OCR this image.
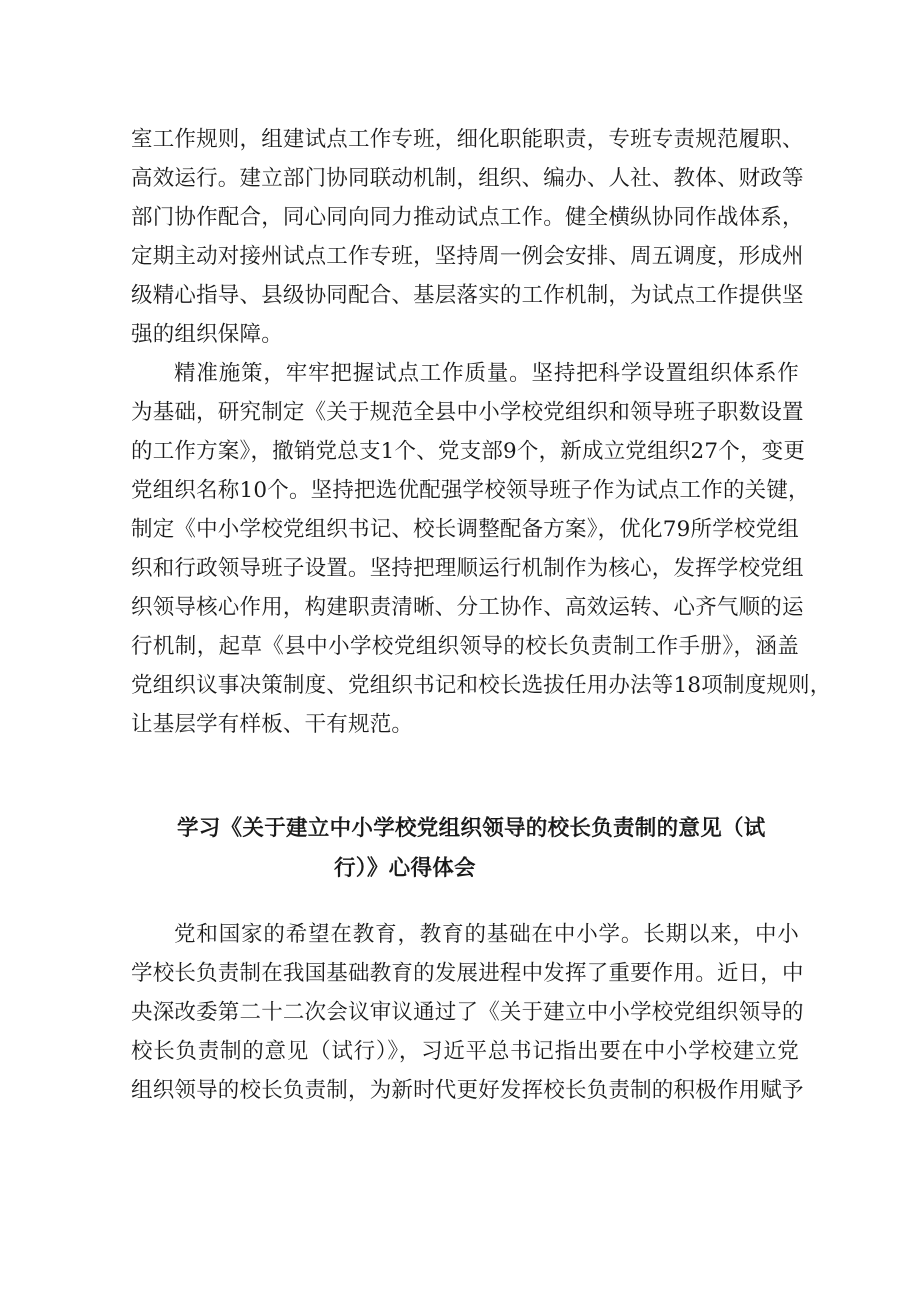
室工作规则，组建试点工作专班，细化职能职责，专班专责规范履职、
高效运行。建立部门协同联动机制，组织、编办、人社、教体、财政等
部门协作配合，同心同向同力推动试点工作。健全横纵协同作战体系，
定期主动对接州试点工作专班，坚持周一例会安排、周五调度，形成州
级精心指导、县级协同配合、基层落实的工作机制，为试点工作提供坚
强的组织保障。
精准施策，牢牢把握试点工作质量。坚持把科学设置组织体系作
为基础，研究制定《关于规范全县中小学校党组织和领导班子职数设置
的工作方案》，撤销党总支1个、党支部9个，新成立党组织27个，变更
党组织名称10个。坚持把选优配强学校领导班子作为试点工作的关键，
制定《中小学校党组织书记、校长调整配备方案》，优化79所学校党组
织和行政领导班子设置。坚持把理顺运行机制作为核心，发挥学校党组
织领导核心作用，构建职责清晰、分工协作、高效运转、心齐气顺的运
行机制，起草《县中小学校党组织领导的校长负责制工作手册》，涵盖
党组织议事决策制度、党组织书记和校长选拔任用办法等18项制度规则，
让基层学有样板、干有规范。
学习《关于建立中小学校党组织领导的校长负责制的意见（试
行）》心得体会
党和国家的希望在教育，教育的基础在中小学。长期以来，中小
学校长负责制在我国基础教育的发展进程中发挥了重要作用。近日，中
央深改委第二十二次会议审议通过了《关于建立中小学校党组织领导的
校长负责制的意见（试行）》，习近平总书记指出要在中小学校建立党
组织领导的校长负责制，为新时代更好发挥校长负责制的积极作用赋予
